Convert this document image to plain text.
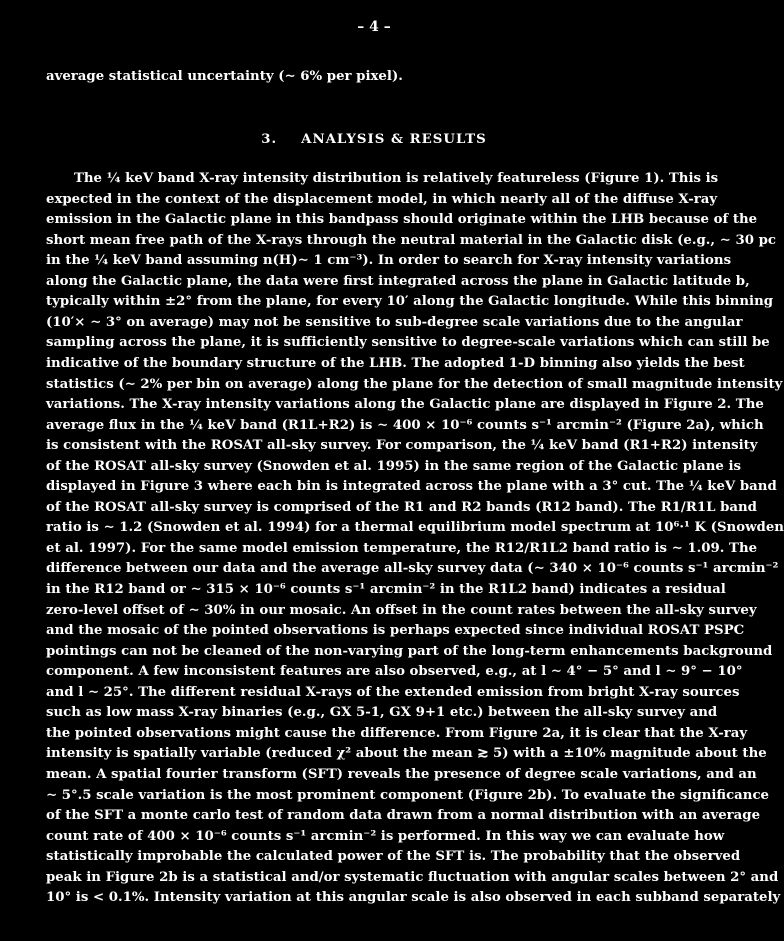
– 4 –
average statistical uncertainty (∼ 6% per pixel).
3. ANALYSIS & RESULTS
The ¼ keV band X-ray intensity distribution is relatively featureless (Figure 1). This is
expected in the context of the displacement model, in which nearly all of the diffuse X-ray
emission in the Galactic plane in this bandpass should originate within the LHB because of the
short mean free path of the X-rays through the neutral material in the Galactic disk (e.g., ∼ 30 pc
in the ¼ keV band assuming n(H)∼ 1 cm⁻³). In order to search for X-ray intensity variations
along the Galactic plane, the data were first integrated across the plane in Galactic latitude b,
typically within ±2° from the plane, for every 10′ along the Galactic longitude. While this binning
(10′× ∼ 3° on average) may not be sensitive to sub-degree scale variations due to the angular
sampling across the plane, it is sufficiently sensitive to degree-scale variations which can still be
indicative of the boundary structure of the LHB. The adopted 1-D binning also yields the best
statistics (∼ 2% per bin on average) along the plane for the detection of small magnitude intensity
variations. The X-ray intensity variations along the Galactic plane are displayed in Figure 2. The
average flux in the ¼ keV band (R1L+R2) is ∼ 400 × 10⁻⁶ counts s⁻¹ arcmin⁻² (Figure 2a), which
is consistent with the ROSAT all-sky survey. For comparison, the ¼ keV band (R1+R2) intensity
of the ROSAT all-sky survey (Snowden et al. 1995) in the same region of the Galactic plane is
displayed in Figure 3 where each bin is integrated across the plane with a 3° cut. The ¼ keV band
of the ROSAT all-sky survey is comprised of the R1 and R2 bands (R12 band). The R1/R1L band
ratio is ∼ 1.2 (Snowden et al. 1994) for a thermal equilibrium model spectrum at 10⁶·¹ K (Snowden
et al. 1997). For the same model emission temperature, the R12/R1L2 band ratio is ∼ 1.09. The
difference between our data and the average all-sky survey data (∼ 340 × 10⁻⁶ counts s⁻¹ arcmin⁻²
in the R12 band or ∼ 315 × 10⁻⁶ counts s⁻¹ arcmin⁻² in the R1L2 band) indicates a residual
zero-level offset of ∼ 30% in our mosaic. An offset in the count rates between the all-sky survey
and the mosaic of the pointed observations is perhaps expected since individual ROSAT PSPC
pointings can not be cleaned of the non-varying part of the long-term enhancements background
component. A few inconsistent features are also observed, e.g., at l ∼ 4° − 5° and l ∼ 9° − 10°
and l ∼ 25°. The different residual X-rays of the extended emission from bright X-ray sources
such as low mass X-ray binaries (e.g., GX 5-1, GX 9+1 etc.) between the all-sky survey and
the pointed observations might cause the difference. From Figure 2a, it is clear that the X-ray
intensity is spatially variable (reduced χ² about the mean ≳ 5) with a ±10% magnitude about the
mean. A spatial fourier transform (SFT) reveals the presence of degree scale variations, and an
∼ 5°.5 scale variation is the most prominent component (Figure 2b). To evaluate the significance
of the SFT a monte carlo test of random data drawn from a normal distribution with an average
count rate of 400 × 10⁻⁶ counts s⁻¹ arcmin⁻² is performed. In this way we can evaluate how
statistically improbable the calculated power of the SFT is. The probability that the observed
peak in Figure 2b is a statistical and/or systematic fluctuation with angular scales between 2° and
10° is < 0.1%. Intensity variation at this angular scale is also observed in each subband separately
